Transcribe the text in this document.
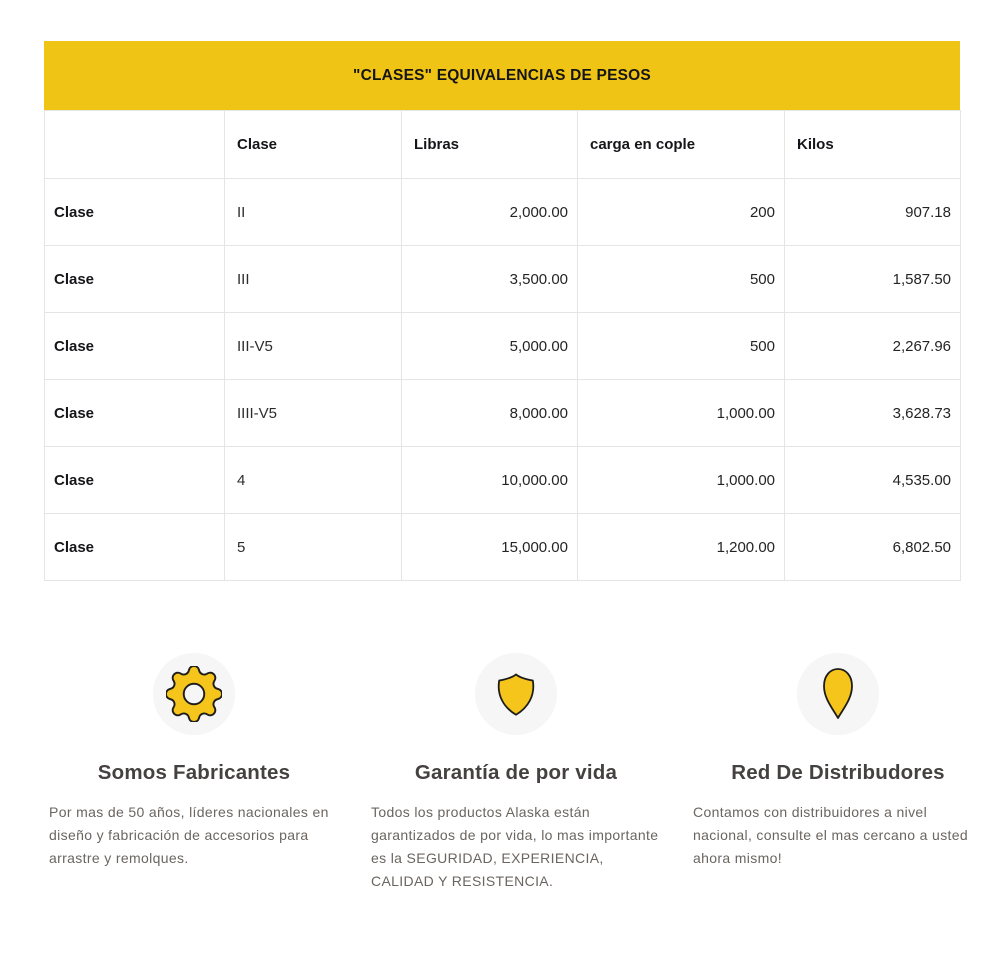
"CLASES" EQUIVALENCIAS DE PESOS
	Clase	Libras	carga en cople	Kilos
Clase	II	2,000.00	200	907.18
Clase	III	3,500.00	500	1,587.50
Clase	III-V5	5,000.00	500	2,267.96
Clase	IIII-V5	8,000.00	1,000.00	3,628.73
Clase	4	10,000.00	1,000.00	4,535.00
Clase	5	15,000.00	1,200.00	6,802.50
Somos Fabricantes

Por mas de 50 años, líderes nacionales en diseño y fabricación de accesorios para arrastre y remolques.

Garantía de por vida

Todos los productos Alaska están garantizados de por vida, lo mas importante es la SEGURIDAD, EXPERIENCIA, CALIDAD Y RESISTENCIA.

Red De Distribudores

Contamos con distribuidores a nivel nacional, consulte el mas cercano a usted ahora mismo!
